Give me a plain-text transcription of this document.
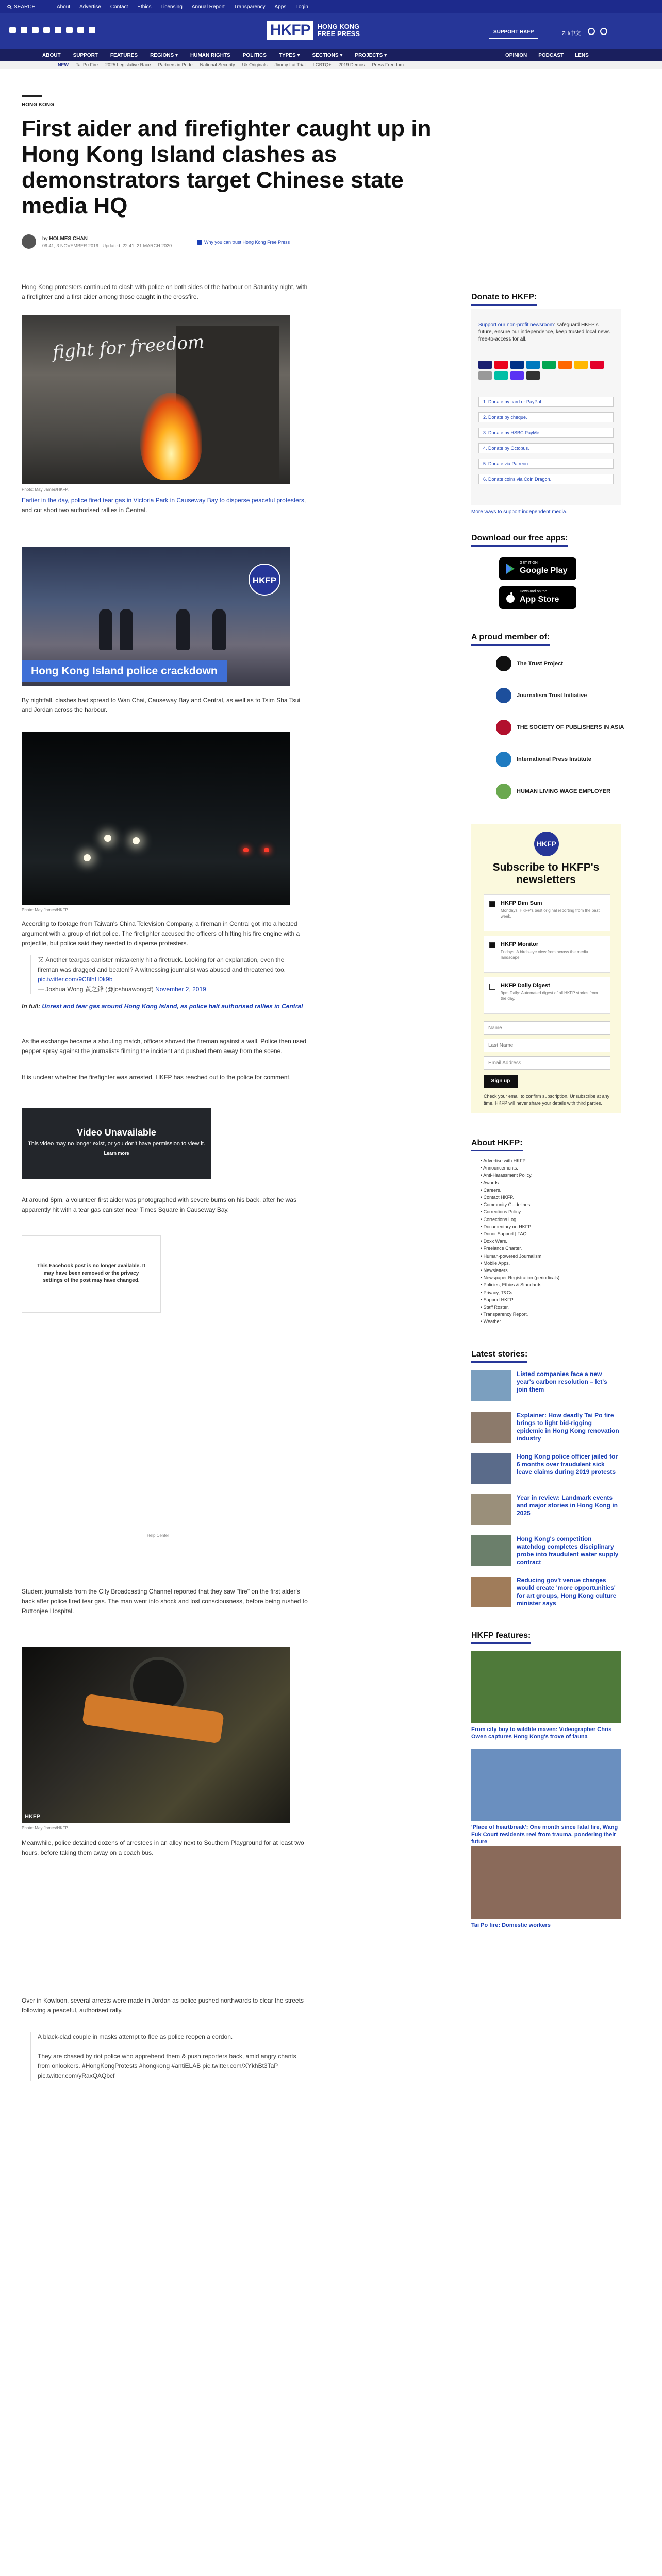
SEARCH	About Advertise Contact Ethics Licensing Annual Report Transparency Apps Login
HKFP	HONG KONG
FREE PRESS	SUPPORT HKFP	ZH/中文
ABOUT SUPPORT FEATURES REGIONS ▾ HUMAN RIGHTS POLITICS TYPES ▾ SECTIONS ▾ PROJECTS ▾	OPINION PODCAST LENS
NEW Tai Po Fire 2025 Legislative Race Partners in Pride National Security Uk Originals Jimmy Lai Trial LGBTQ+ 2019 Demos Press Freedom
HONG KONG
First aider and firefighter caught up in Hong Kong Island clashes as demonstrators target Chinese state media HQ
by HOLMES CHAN
09:41, 3 NOVEMBER 2019 Updated: 22:41, 21 MARCH 2020
Why you can trust Hong Kong Free Press

Hong Kong protesters continued to clash with police on both sides of the harbour on Saturday night, with a firefighter and a first aider among those caught in the crossfire.

fight for freedom
Photo: May James/HKFP.

Earlier in the day, police fired tear gas in Victoria Park in Causeway Bay to disperse peaceful protesters, and cut short two authorised rallies in Central.

HKFP
Hong Kong Island police crackdown

By nightfall, clashes had spread to Wan Chai, Causeway Bay and Central, as well as to Tsim Sha Tsui and Jordan across the harbour.

Photo: May James/HKFP.

According to footage from Taiwan's China Television Company, a fireman in Central got into a heated argument with a group of riot police. The firefighter accused the officers of hitting his fire engine with a projectile, but police said they needed to disperse protesters.

又 Another teargas canister mistakenly hit a firetruck. Looking for an explanation, even the fireman was dragged and beaten!? A witnessing journalist was abused and threatened too. pic.twitter.com/9C8lhH0k9b
— Joshua Wong 黃之鋒 (@joshuawongcf) November 2, 2019

In full: Unrest and tear gas around Hong Kong Island, as police halt authorised rallies in Central

As the exchange became a shouting match, officers shoved the fireman against a wall. Police then used pepper spray against the journalists filming the incident and pushed them away from the scene.

It is unclear whether the firefighter was arrested. HKFP has reached out to the police for comment.

Video Unavailable
This video may no longer exist, or you don't have permission to view it.
Learn more

At around 6pm, a volunteer first aider was photographed with severe burns on his back, after he was apparently hit with a tear gas canister near Times Square in Causeway Bay.

This Facebook post is no longer available. It may have been removed or the privacy settings of the post may have changed.
Help Center

Student journalists from the City Broadcasting Channel reported that they saw "fire" on the first aider's back after police fired tear gas. The man went into shock and lost consciousness, before being rushed to Ruttonjee Hospital.

HKFP
Photo: May James/HKFP.

Meanwhile, police detained dozens of arrestees in an alley next to Southern Playground for at least two hours, before taking them away on a coach bus.

Over in Kowloon, several arrests were made in Jordan as police pushed northwards to clear the streets following a peaceful, authorised rally.

A black-clad couple in masks attempt to flee as police reopen a cordon.

They are chased by riot police who apprehend them & push reporters back, amid angry chants from onlookers. #HongKongProtests #hongkong #antiELAB pic.twitter.com/XYkhBt3TaP pic.twitter.com/yRaxQAQbcf
Donate to HKFP:
Support our non-profit newsroom: safeguard HKFP's future, ensure our independence, keep trusted local news free-to-access for all.
1. Donate by card or PayPal.
2. Donate by cheque.
3. Donate by HSBC PayMe.
4. Donate by Octopus.
5. Donate via Patreon.
6. Donate coins via Coin Dragon.
More ways to support independent media.
Download our free apps:
GET IT ON
Google Play
Download on the
App Store
A proud member of:
The Trust Project
Journalism Trust Initiative
THE SOCIETY OF PUBLISHERS IN ASIA
International Press Institute
HUMAN LIVING WAGE EMPLOYER
HKFP
Subscribe to HKFP's newsletters
HKFP Dim Sum
Mondays: HKFP's best original reporting from the past week.
HKFP Monitor
Fridays: A birds-eye view from across the media landscape.
HKFP Daily Digest
9pm Daily: Automated digest of all HKFP stories from the day.
Name
Last Name
Email Address
Sign up
Check your email to confirm subscription. Unsubscribe at any time. HKFP will never share your details with third parties.
About HKFP:
• Advertise with HKFP.
• Announcements.
• Anti-Harassment Policy.
• Awards.
• Careers.
• Contact HKFP.
• Community Guidelines.
• Corrections Policy.
• Corrections Log.
• Documentary on HKFP.
• Donor Support | FAQ.
• Doxx Wars.
• Freelance Charter.
• Human-powered Journalism.
• Mobile Apps.
• Newsletters.
• Newspaper Registration (periodicals).
• Policies, Ethics & Standards.
• Privacy, T&Cs.
• Support HKFP.
• Staff Roster.
• Transparency Report.
• Weather.
Latest stories:
Listed companies face a new year's carbon resolution – let's join them
Explainer: How deadly Tai Po fire brings to light bid-rigging epidemic in Hong Kong renovation industry
Hong Kong police officer jailed for 6 months over fraudulent sick leave claims during 2019 protests
Year in review: Landmark events and major stories in Hong Kong in 2025
Hong Kong's competition watchdog completes disciplinary probe into fraudulent water supply contract
Reducing gov't venue charges would create 'more opportunities' for art groups, Hong Kong culture minister says
HKFP features:
From city boy to wildlife maven: Videographer Chris Owen captures Hong Kong's trove of fauna
'Place of heartbreak': One month since fatal fire, Wang Fuk Court residents reel from trauma, pondering their future
Tai Po fire: Domestic workers
